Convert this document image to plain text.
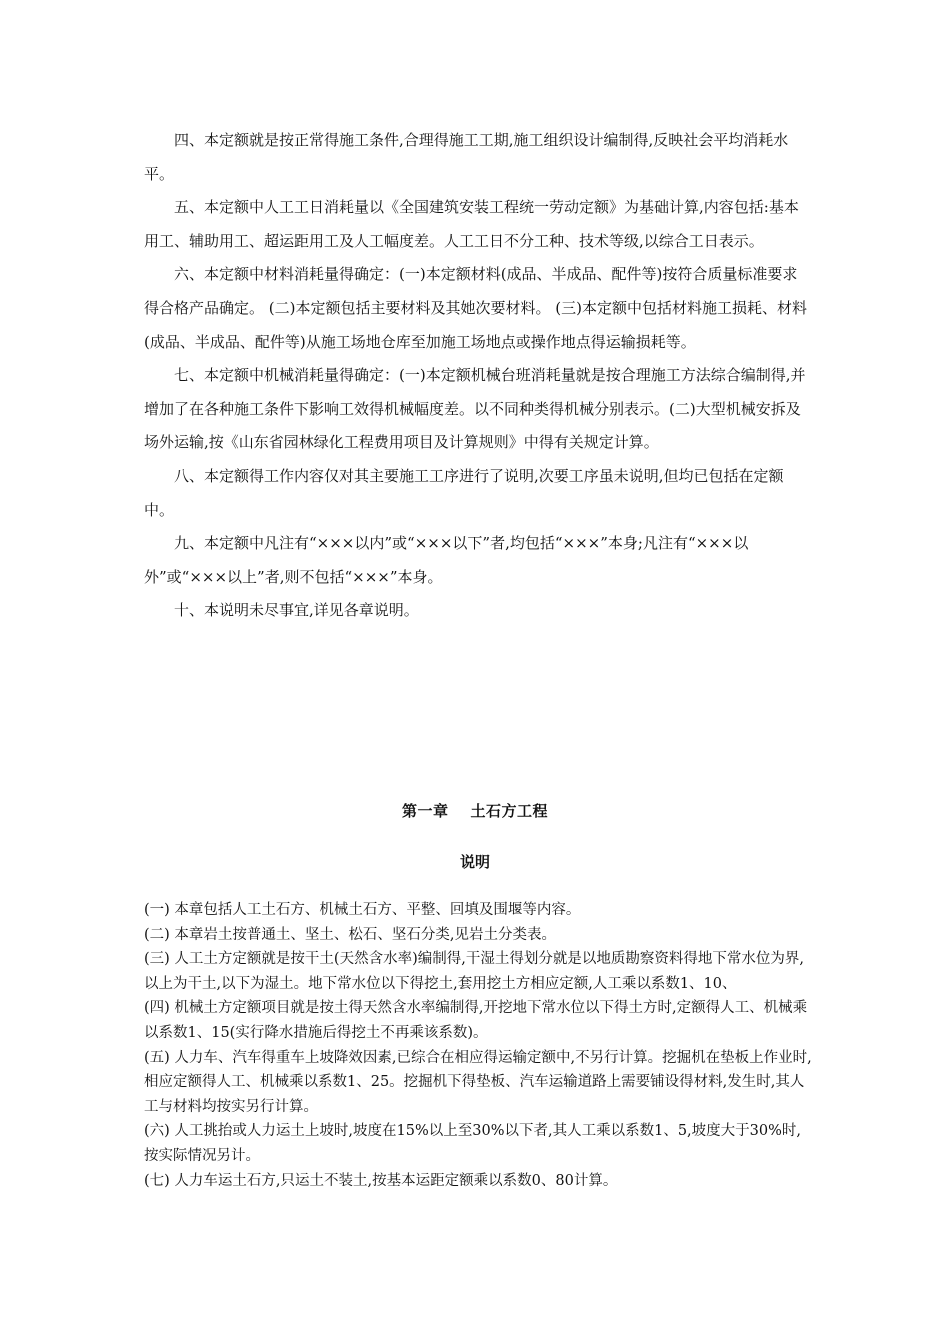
四、本定额就是按正常得施工条件,合理得施工工期,施工组织设计编制得,反映社会平均消耗水平。

五、本定额中人工工日消耗量以《全国建筑安装工程统一劳动定额》为基础计算,内容包括:基本用工、辅助用工、超运距用工及人工幅度差。人工工日不分工种、技术等级,以综合工日表示。

六、本定额中材料消耗量得确定：(一)本定额材料(成品、半成品、配件等)按符合质量标准要求得合格产品确定。 (二)本定额包括主要材料及其她次要材料。 (三)本定额中包括材料施工损耗、材料(成品、半成品、配件等)从施工场地仓库至加施工场地点或操作地点得运输损耗等。

七、本定额中机械消耗量得确定：(一)本定额机械台班消耗量就是按合理施工方法综合编制得,并增加了在各种施工条件下影响工效得机械幅度差。以不同种类得机械分别表示。(二)大型机械安拆及场外运输,按《山东省园林绿化工程费用项目及计算规则》中得有关规定计算。

八、本定额得工作内容仅对其主要施工工序进行了说明,次要工序虽未说明,但均已包括在定额中。

九、本定额中凡注有“×××以内”或“×××以下”者,均包括“×××”本身;凡注有“×××以外”或“×××以上”者,则不包括“×××”本身。

十、本说明未尽事宜,详见各章说明。

第一章 土石方工程
说明

(一) 本章包括人工土石方、机械土石方、平整、回填及围堰等内容。

(二) 本章岩土按普通土、坚土、松石、坚石分类,见岩土分类表。

(三) 人工土方定额就是按干土(天然含水率)编制得,干湿土得划分就是以地质勘察资料得地下常水位为界,以上为干土,以下为湿土。地下常水位以下得挖土,套用挖土方相应定额,人工乘以系数1、10、

(四) 机械土方定额项目就是按土得天然含水率编制得,开挖地下常水位以下得土方时,定额得人工、机械乘以系数1、15(实行降水措施后得挖土不再乘该系数)。

(五) 人力车、汽车得重车上坡降效因素,已综合在相应得运输定额中,不另行计算。挖掘机在垫板上作业时,相应定额得人工、机械乘以系数1、25。挖掘机下得垫板、汽车运输道路上需要铺设得材料,发生时,其人工与材料均按实另行计算。

(六) 人工挑抬或人力运土上坡时,坡度在15%以上至30%以下者,其人工乘以系数1、5,坡度大于30%时,按实际情况另计。

(七) 人力车运土石方,只运土不装土,按基本运距定额乘以系数0、80计算。
